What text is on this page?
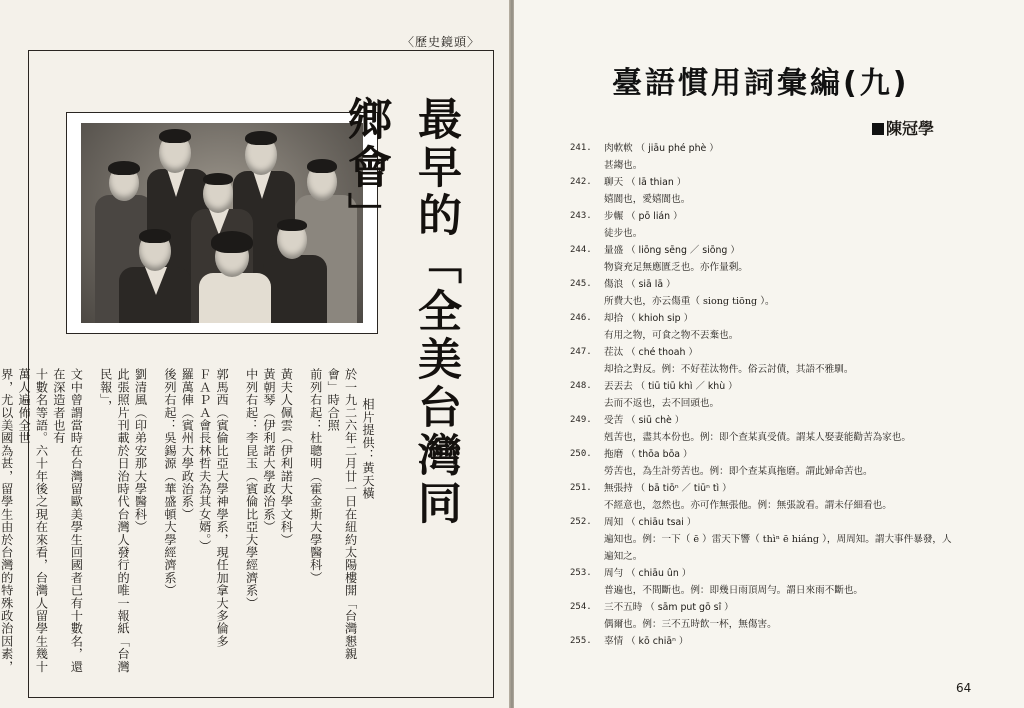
〈歷史鏡頭〉
最早的「全美台灣同鄉會」

相片提供：黃天橫

於一九二六年二月廿一日在紐約太陽樓開「台灣懇親會」時合照

前列右起：杜聰明（霍金斯大學醫科）

黃夫人佩雲（伊利諾大學文科）

黃朝琴（伊利諾大學政治系）

中列右起：李昆玉（賓倫比亞大學經濟系）

郭馬西（賓倫比亞大學神學系，現任加拿大多倫多

ＦＡＰＡ會長林哲夫為其女婿。）

羅萬俥（賓州大學政治系）

後列右起：吳錫源（華盛頓大學經濟系）

劉清風（印弟安那大學醫科）

此張照片刊載於日治時代台灣人發行的唯一報紙「台灣民報」，

文中曾謂當時在台灣留歐美學生回國者已有十數名，還在深造者也有

十數名等語。六十年後之現在來看，台灣人留學生幾十萬人遍佈全世

界，尤以美國為甚，留學生由於台灣的特殊政治因素，

臺語慣用詞彙編(九)
陳冠學
241.	肉軟軟 （ jiāu phé phè ）
甚縐也。
242.	聊天 （ lā thian ）
嬉閬也，愛嬉閬也。
243.	步輾 （ pō lián ）
徒步也。
244.	量盛 （ liōng sēng ／ siōng ）
物資充足無應匱乏也。亦作量剩。
245.	傷浪 （ siā lā ）
所費大也，亦云傷重（ siong tiōng ）。
246.	却拾 （ khioh sip ）
有用之物，可食之物不丟棄也。
247.	茬汰 （ ché thoah ）
却拾之對反。例：不好茬汰物件。俗云討債，其語不雅馴。
248.	丟丟去 （ tiū tiū khì ／ khù ）
去而不返也，去不回頭也。
249.	受苦 （ siū chè ）
剋苦也，盡其本份也。例：即个查某真受債。謂某人娶妻能勸苦為家也。
250.	拖磨 （ thōa bōa ）
勞苦也，為生計勞苦也。例：即个查某真拖磨。謂此婦命苦也。
251.	無張持 （ bā tiōⁿ ／ tiūⁿ tì ）
不經意也，忽然也。亦可作無張他。例：無張說看。謂未仔細看也。
252.	周知 （ chiāu tsai ）
遍知也。例：一下（ ē ）雷天下響（ thìⁿ ē hiáng ），周周知。謂大事件暴發，人
遍知之。
253.	周勻 （ chiāu ûn ）
普遍也，不間斷也。例：即幾日雨頂周勻。謂日來雨不斷也。
254.	三不五時 （ sām put gō sî ）
偶爾也。例：三不五時飲一杯，無傷害。
255.	辜情 （ kō chiāⁿ ）
64
